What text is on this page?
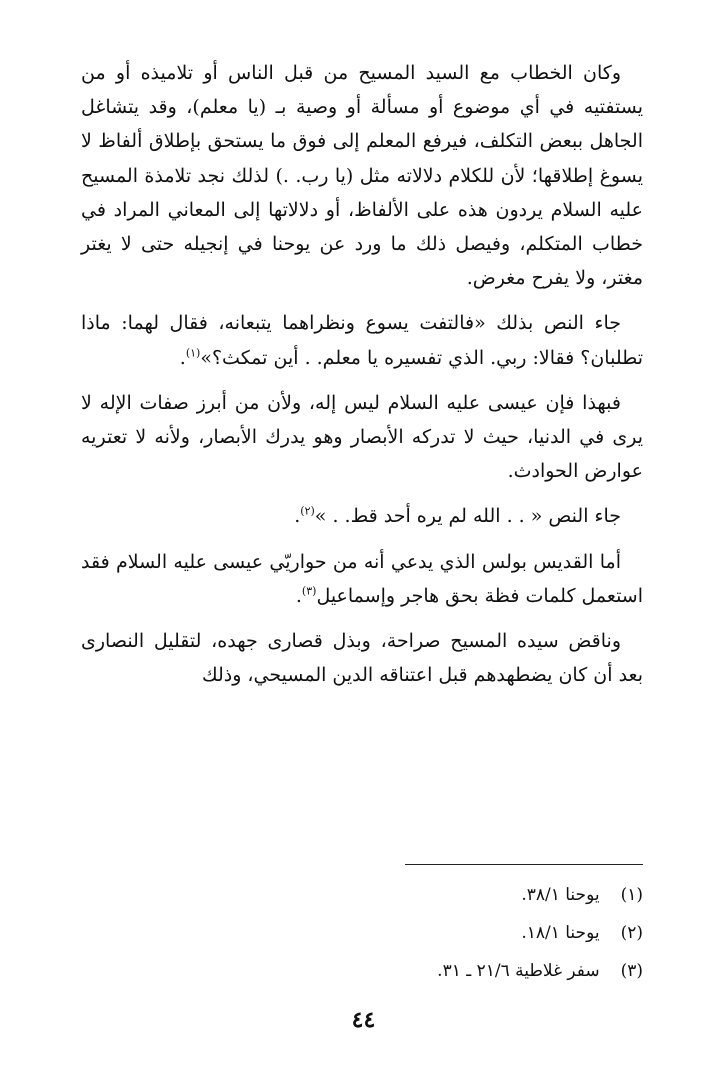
وكان الخطاب مع السيد المسيح من قبل الناس أو تلاميذه أو من يستفتيه في أي موضوع أو مسألة أو وصية بـ (يا معلم)، وقد يتشاغل الجاهل ببعض التكلف، فيرفع المعلم إلى فوق ما يستحق بإطلاق ألفاظ لا يسوغ إطلاقها؛ لأن للكلام دلالاته مثل (يا رب. .) لذلك نجد تلامذة المسيح عليه السلام يردون هذه على الألفاظ، أو دلالاتها إلى المعاني المراد في خطاب المتكلم، وفيصل ذلك ما ورد عن يوحنا في إنجيله حتى لا يغتر مغتر، ولا يفرح مغرض.

جاء النص بذلك «فالتفت يسوع ونظراهما يتبعانه، فقال لهما: ماذا تطلبان؟ فقالا: ربي. الذي تفسيره يا معلم. . أين تمكث؟»$^{(١)}$.

فبهذا فإن عيسى عليه السلام ليس إله، ولأن من أبرز صفات الإله لا يرى في الدنيا، حيث لا تدركه الأبصار وهو يدرك الأبصار، ولأنه لا تعتريه عوارض الحوادث.

جاء النص « . . الله لم يره أحد قط. . »$^{(٢)}$.

أما القديس بولس الذي يدعي أنه من حواريّي عيسى عليه السلام فقد استعمل كلمات فظة بحق هاجر وإسماعيل$^{(٣)}$.

وناقض سيده المسيح صراحة، وبذل قصارى جهده، لتقليل النصارى بعد أن كان يضطهدهم قبل اعتناقه الدين المسيحي، وذلك

(١) يوحنا ٣٨/١.

(٢) يوحنا ١٨/١.

(٣) سفر غلاطية ٢١/٦ ـ ٣١.

٤٤
